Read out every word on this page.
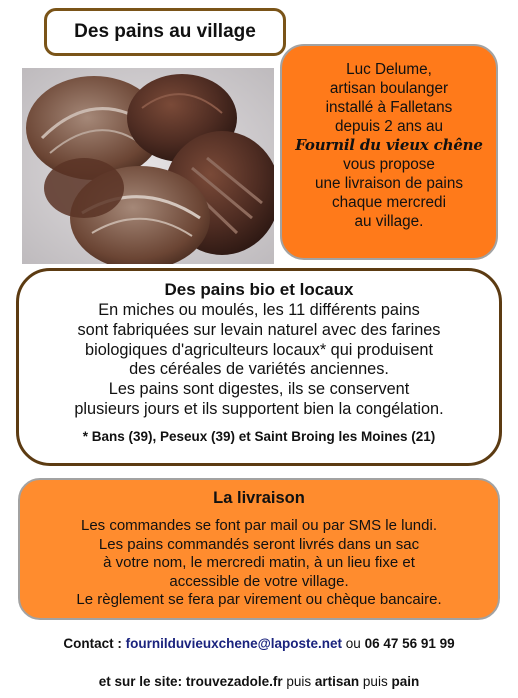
Des pains au village
Luc Delume,
artisan boulanger
installé à Falletans
depuis 2 ans au
Fournil du vieux chêne
vous propose
une livraison de pains
chaque mercredi
au village.
Des pains bio et locaux
En miches ou moulés, les 11 différents pains
sont fabriquées sur levain naturel avec des farines
biologiques d'agriculteurs locaux* qui produisent
des céréales de variétés anciennes.
Les pains sont digestes, ils se conservent
plusieurs jours et ils supportent bien la congélation.
* Bans (39), Peseux (39) et Saint Broing les Moines (21)
La livraison
Les commandes se font par mail ou par SMS le lundi.
Les pains commandés seront livrés dans un sac
à votre nom, le mercredi matin, à un lieu fixe et
accessible de votre village.
Le règlement se fera par virement ou chèque bancaire.
Contact : fournilduvieuxchene@laposte.net ou 06 47 56 91 99
et sur le site: trouvezadole.fr puis artisan puis pain
